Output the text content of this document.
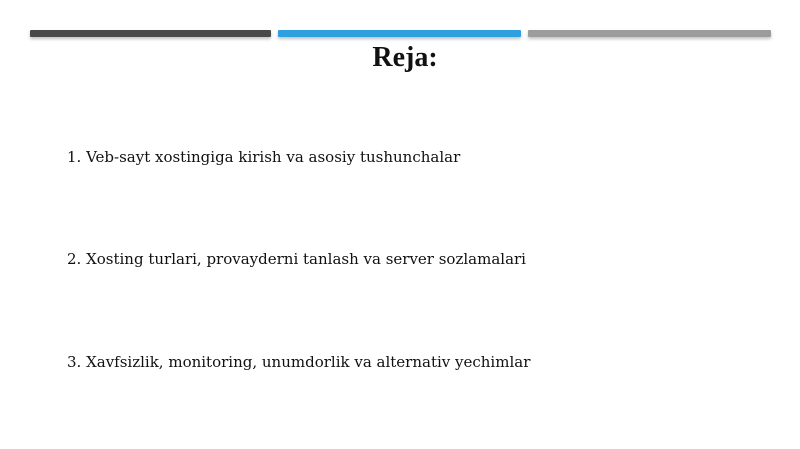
Reja:
1. Veb-sayt xostingiga kirish va asosiy tushunchalar
2. Xosting turlari, provayderni tanlash va server sozlamalari
3. Xavfsizlik, monitoring, unumdorlik va alternativ yechimlar
